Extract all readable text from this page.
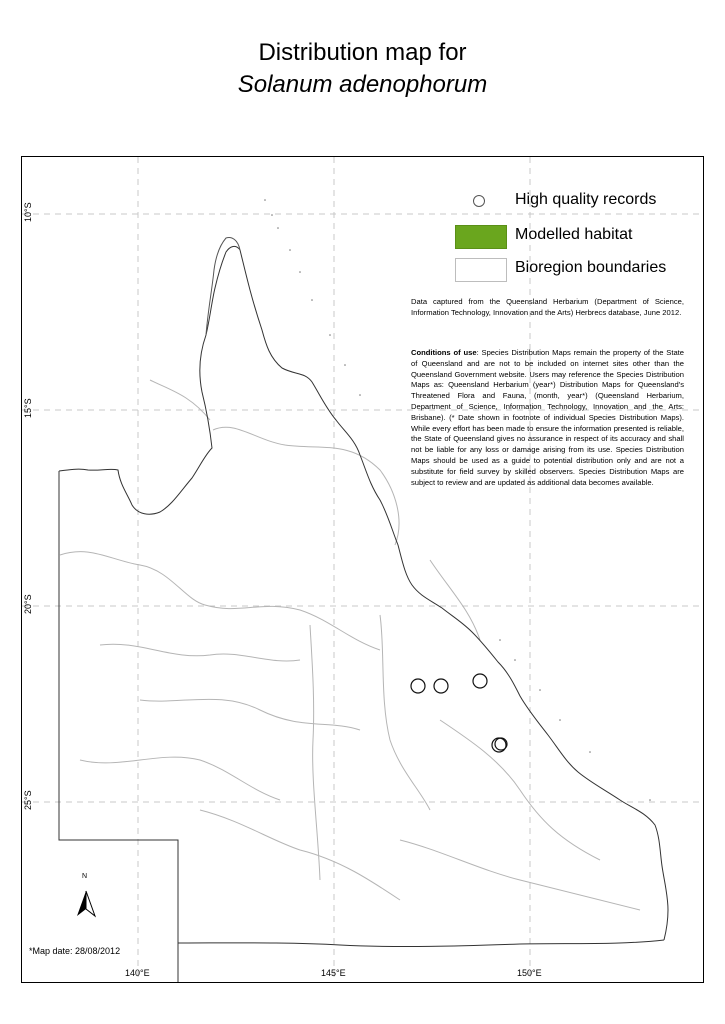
Distribution map for
Solanum adenophorum
10°S
15°S
20°S
25°S
140°E	145°E	150°E
High quality records
Modelled habitat
Bioregion boundaries
Data captured from the Queensland Herbarium (Department of Science, Information Technology, Innovation and the Arts) Herbrecs database, June 2012.
Conditions of use: Species Distribution Maps remain the property of the State of Queensland and are not to be included on internet sites other than the Queensland Government website. Users may reference the Species Distribution Maps as: Queensland Herbarium (year*) Distribution Maps for Queensland's Threatened Flora and Fauna, (month, year*) (Queensland Herbarium, Department of Science, Information Technology, Innovation and the Arts: Brisbane). (* Date shown in footnote of individual Species Distribution Maps). While every effort has been made to ensure the information presented is reliable, the State of Queensland gives no assurance in respect of its accuracy and shall not be liable for any loss or damage arising from its use. Species Distribution Maps should be used as a guide to potential distribution only and are not a substitute for field survey by skilled observers. Species Distribution Maps are subject to review and are updated as additional data becomes available.
N
*Map date: 28/08/2012
